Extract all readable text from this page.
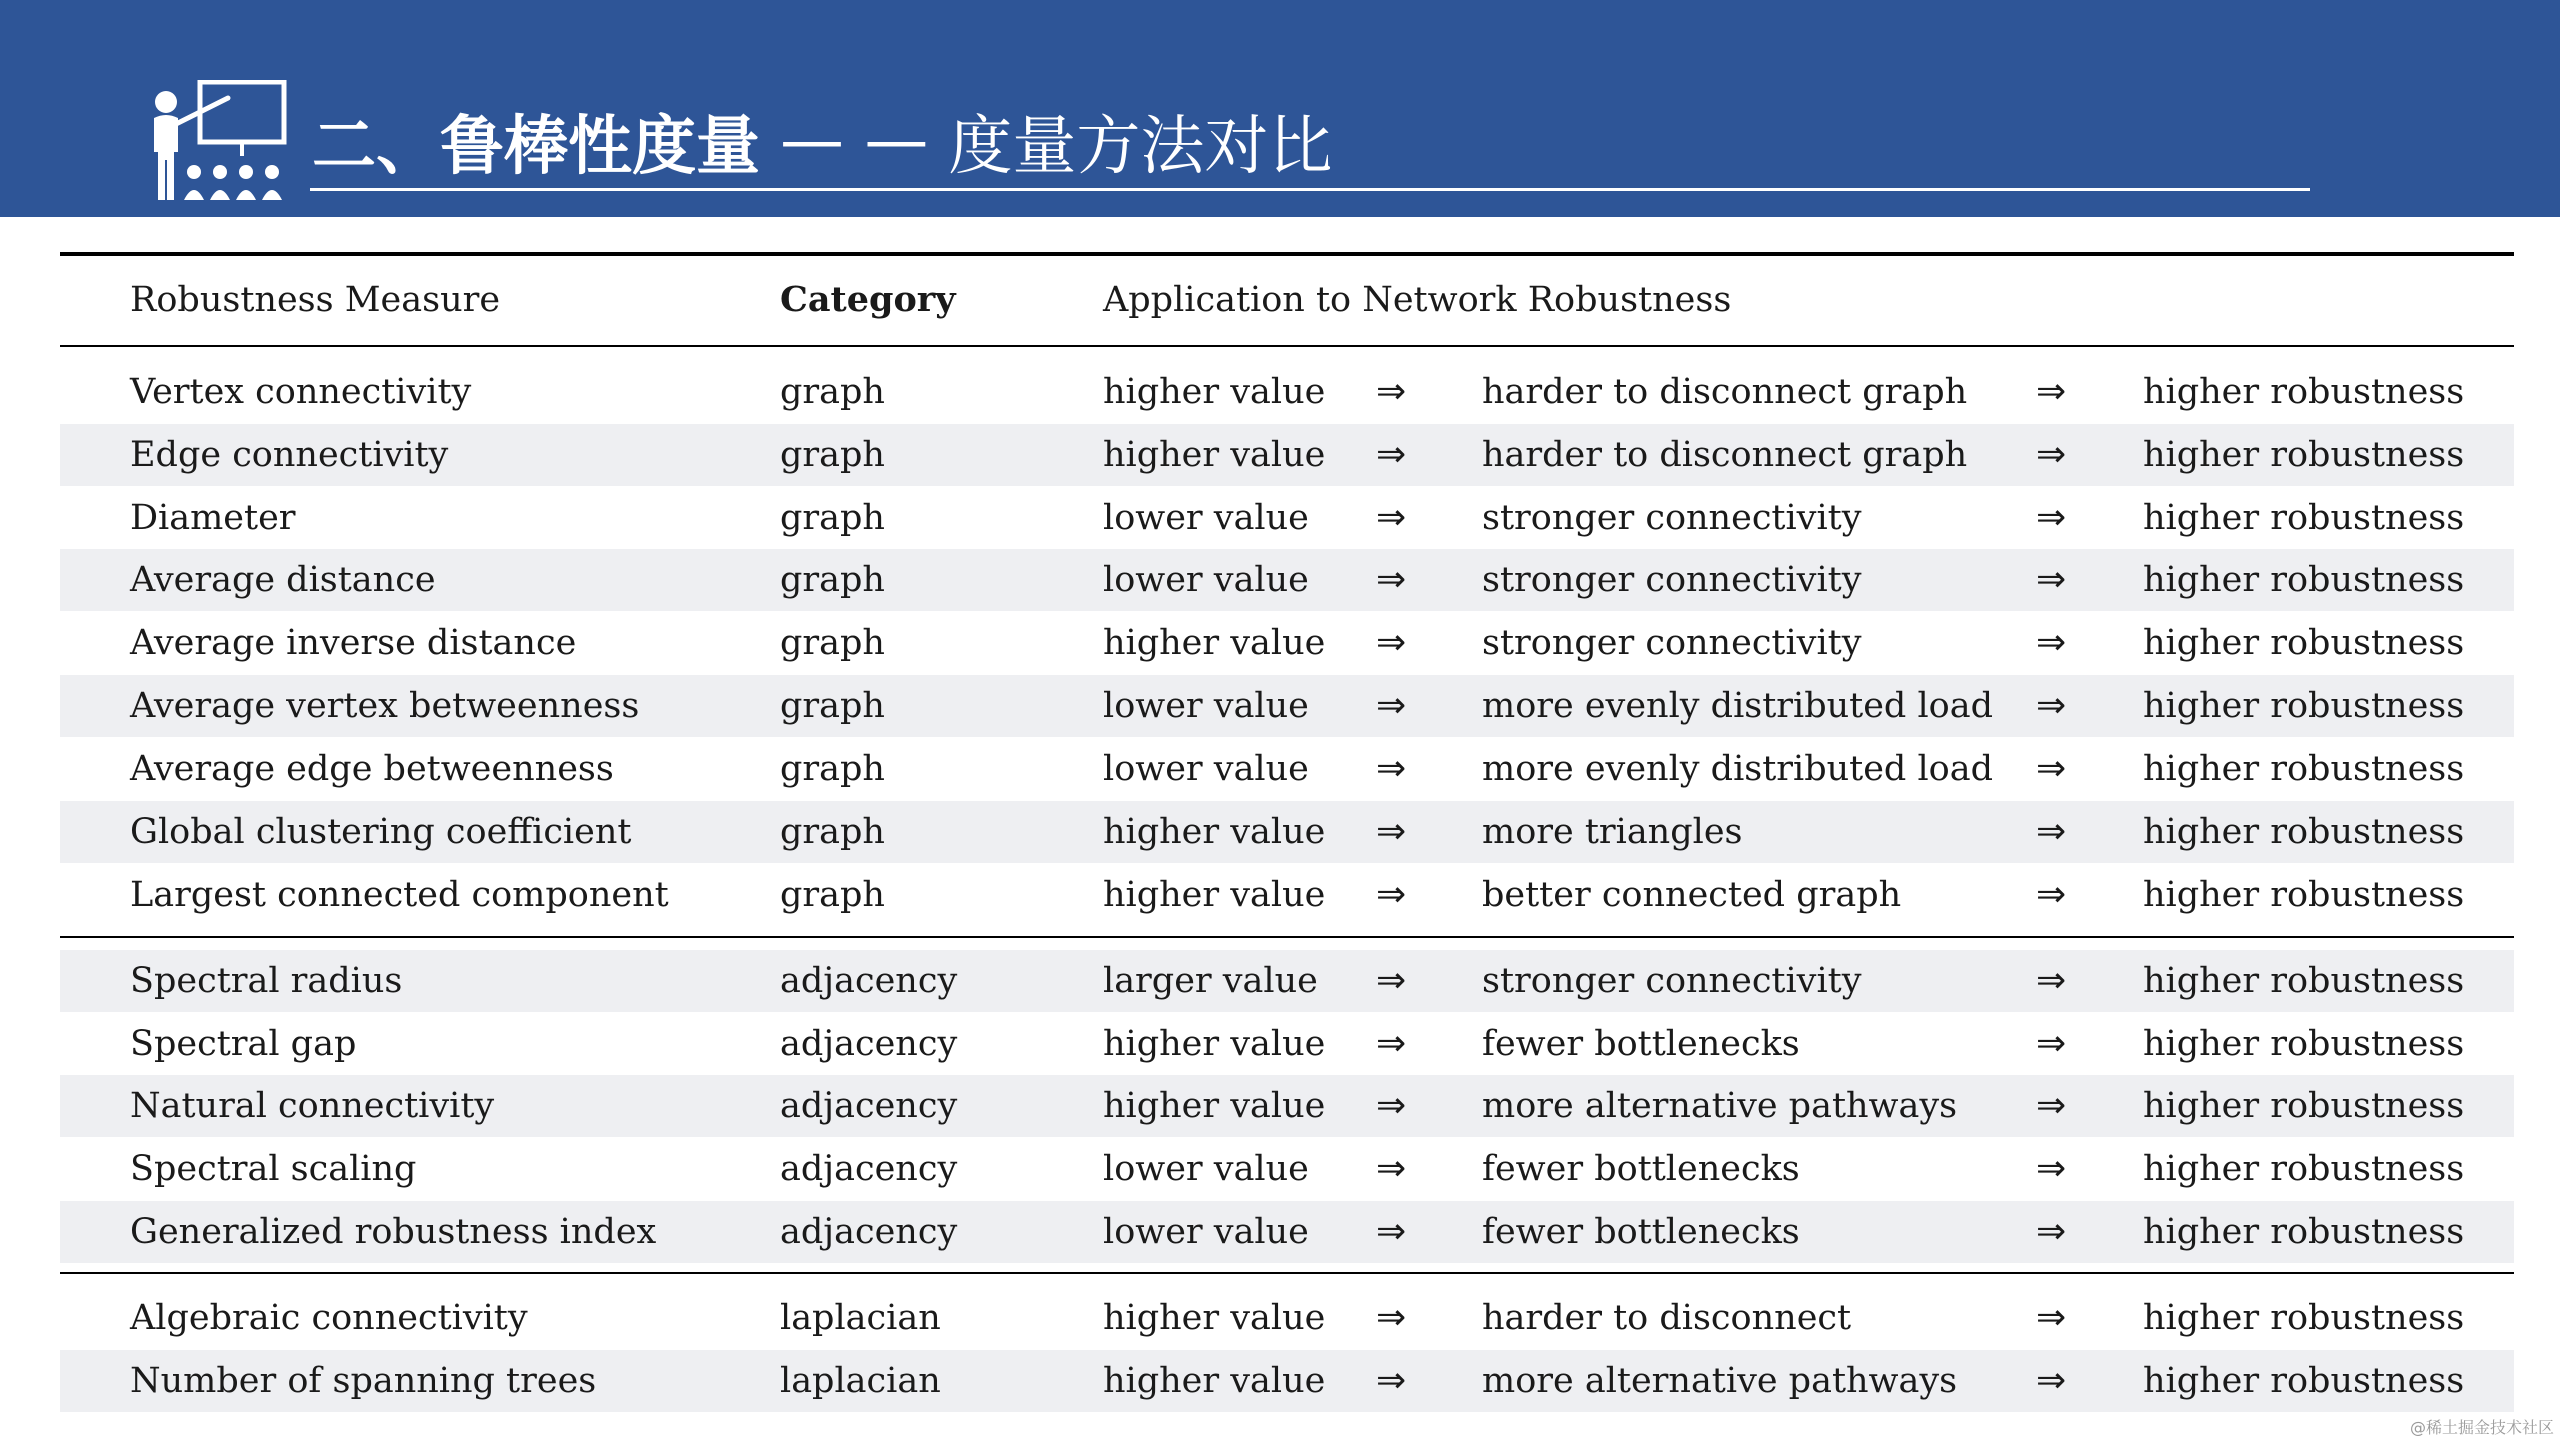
二、鲁棒性度量 — — 度量方法对比
Robustness Measure	Category	Application to Network Robustness
Vertex connectivity	graph	higher value ⇒ harder to disconnect graph ⇒ higher robustness
Edge connectivity	graph	higher value ⇒ harder to disconnect graph ⇒ higher robustness
Diameter	graph	lower value ⇒ stronger connectivity	⇒ higher robustness
Average distance	graph	lower value ⇒ stronger connectivity	⇒ higher robustness
Average inverse distance	graph	higher value ⇒ stronger connectivity	⇒ higher robustness
Average vertex betweenness	graph	lower value ⇒ more evenly distributed load ⇒ higher robustness
Average edge betweenness	graph	lower value ⇒ more evenly distributed load ⇒ higher robustness
Global clustering coefficient	graph	higher value ⇒ more triangles	⇒ higher robustness
Largest connected component	graph	higher value ⇒ better connected graph	⇒ higher robustness
Spectral radius	adjacency	larger value ⇒ stronger connectivity	⇒ higher robustness
Spectral gap	adjacency	higher value ⇒ fewer bottlenecks	⇒ higher robustness
Natural connectivity	adjacency	higher value ⇒ more alternative pathways ⇒ higher robustness
Spectral scaling	adjacency	lower value ⇒ fewer bottlenecks	⇒ higher robustness
Generalized robustness index	adjacency	lower value ⇒ fewer bottlenecks	⇒ higher robustness
Algebraic connectivity	laplacian	higher value ⇒ harder to disconnect	⇒ higher robustness
Number of spanning trees	laplacian	higher value ⇒ more alternative pathways ⇒ higher robustness
@稀土掘金技术社区
